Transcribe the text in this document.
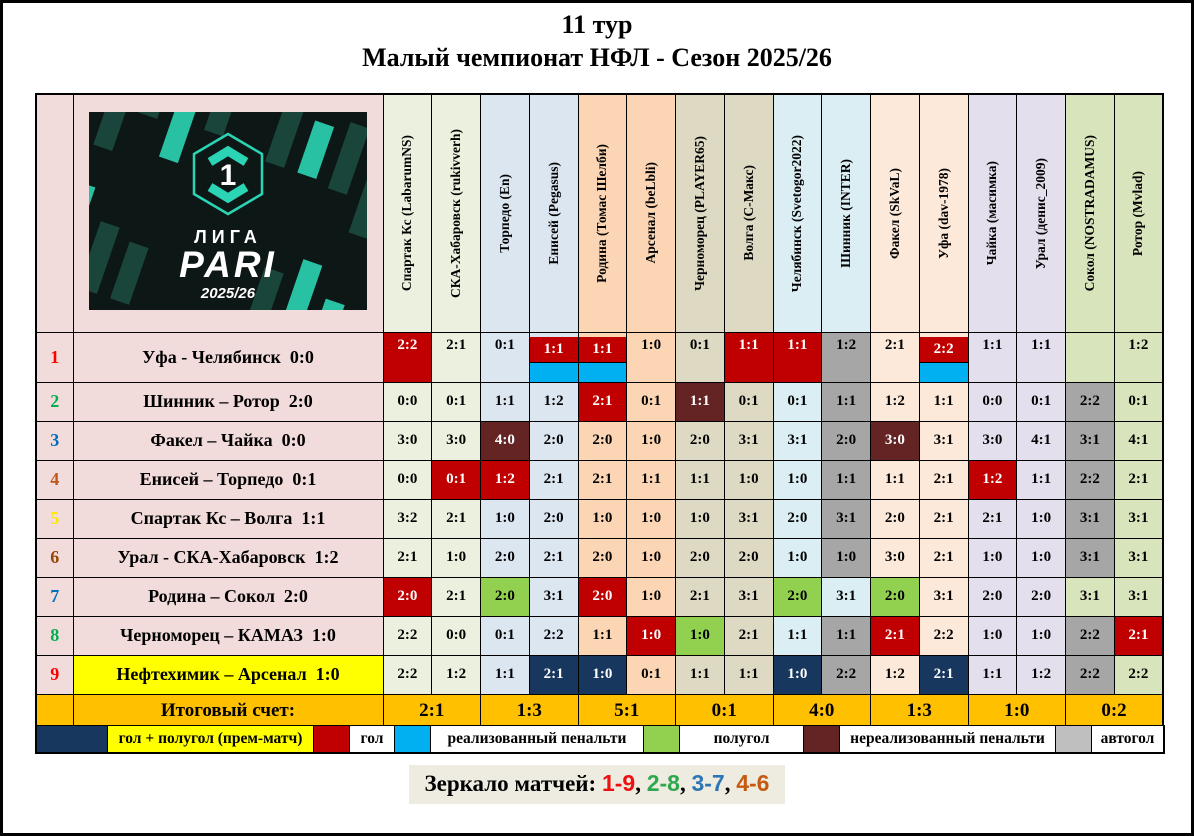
11 тур
Малый чемпионат НФЛ - Сезон 2025/26

1
ЛИГА
PARI
2025/26	Спартак Кс (LabarumNS)	СКА-Хабаровск (rukivverh)	Торпедо (En)	Енисей (Pegasus)	Родина (Томас Шелби)	Арсенал (beLbli)	Черноморец (PLAYER65)	Волга (С-Макс)	Челябинск (Svetogor2022)	Шинник (INTER)	Факел (SkVaL)	Уфа (dav-1978)	Чайка (масимка)	Урал (денис_2009)	Сокол (NOSTRADAMUS)	Ротор (Mvlad)

1	Уфа - Челябинск  0:0	2:2	2:1	0:1	1:1	1:1	1:0	0:1	1:1	1:1	1:2	2:1	2:2	1:1	1:1		1:2
2	Шинник – Ротор  2:0	0:0	0:1	1:1	1:2	2:1	0:1	1:1	0:1	0:1	1:1	1:2	1:1	0:0	0:1	2:2	0:1
3	Факел – Чайка  0:0	3:0	3:0	4:0	2:0	2:0	1:0	2:0	3:1	3:1	2:0	3:0	3:1	3:0	4:1	3:1	4:1
4	Енисей – Торпедо  0:1	0:0	0:1	1:2	2:1	2:1	1:1	1:1	1:0	1:0	1:1	1:1	2:1	1:2	1:1	2:2	2:1
5	Спартак Кс – Волга  1:1	3:2	2:1	1:0	2:0	1:0	1:0	1:0	3:1	2:0	3:1	2:0	2:1	2:1	1:0	3:1	3:1
6	Урал - СКА-Хабаровск  1:2	2:1	1:0	2:0	2:1	2:0	1:0	2:0	2:0	1:0	1:0	3:0	2:1	1:0	1:0	3:1	3:1
7	Родина – Сокол  2:0	2:0	2:1	2:0	3:1	2:0	1:0	2:1	3:1	2:0	3:1	2:0	3:1	2:0	2:0	3:1	3:1
8	Черноморец – КАМАЗ  1:0	2:2	0:0	0:1	2:2	1:1	1:0	1:0	2:1	1:1	1:1	2:1	2:2	1:0	1:0	2:2	2:1
9	Нефтехимик – Арсенал  1:0	2:2	1:2	1:1	2:1	1:0	0:1	1:1	1:1	1:0	2:2	1:2	2:1	1:1	1:2	2:2	2:2
	Итоговый счет:	2:1		1:3		5:1		0:1		4:0		1:3		1:0		0:2	
гол + полугол (прем-матч)	гол	реализованный пенальти	полугол	нереализованный пенальти	автогол
Зеркало матчей: 1-9, 2-8, 3-7, 4-6
